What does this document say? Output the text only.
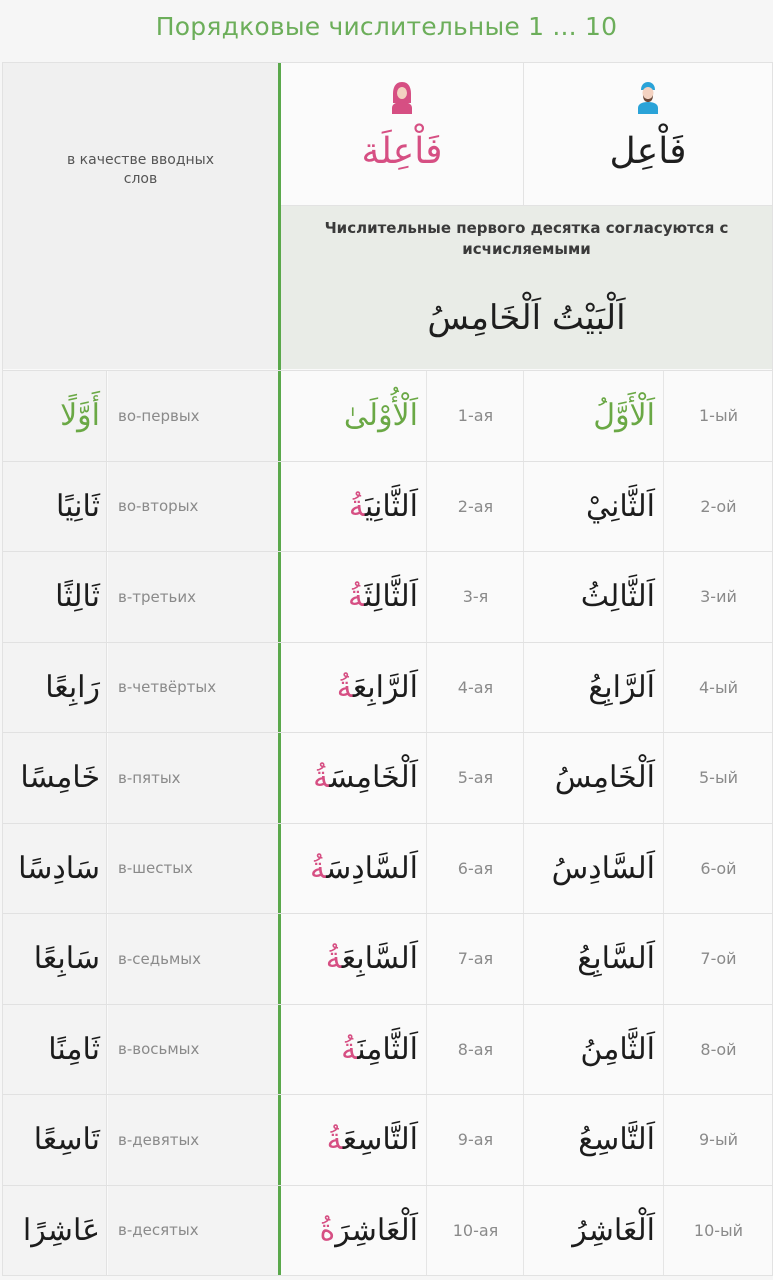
Порядковые числительные 1 ... 10
в качестве вводных слов
فَاْعِلَة	فَاْعِل
Числительные первого десятка согласуются с исчисляемыми
اَلْبَيْتُ اَلْخَامِسُ
أَوَّلًا	во-первых	اَلْأُوْلَىٰ	1-ая	اَلْأَوَّلُ	1-ый
ثَانِيًا	во-вторых	اَلثَّانِيَةُ	2-ая	اَلثَّانِيْ	2-ой
ثَالِثًا	в-третьих	اَلثَّالِثَةُ	3-я	اَلثَّالِثُ	3-ий
رَابِعًا	в-четвёртых	اَلرَّابِعَةُ	4-ая	اَلرَّابِعُ	4-ый
خَامِسًا	в-пятых	اَلْخَامِسَةُ	5-ая	اَلْخَامِسُ	5-ый
سَادِسًا	в-шестых	اَلسَّادِسَةُ	6-ая	اَلسَّادِسُ	6-ой
سَابِعًا	в-седьмых	اَلسَّابِعَةُ	7-ая	اَلسَّابِعُ	7-ой
ثَامِنًا	в-восьмых	اَلثَّامِنَةُ	8-ая	اَلثَّامِنُ	8-ой
تَاسِعًا	в-девятых	اَلتَّاسِعَةُ	9-ая	اَلتَّاسِعُ	9-ый
عَاشِرًا	в-десятых	اَلْعَاشِرَةُ	10-ая	اَلْعَاشِرُ	10-ый
